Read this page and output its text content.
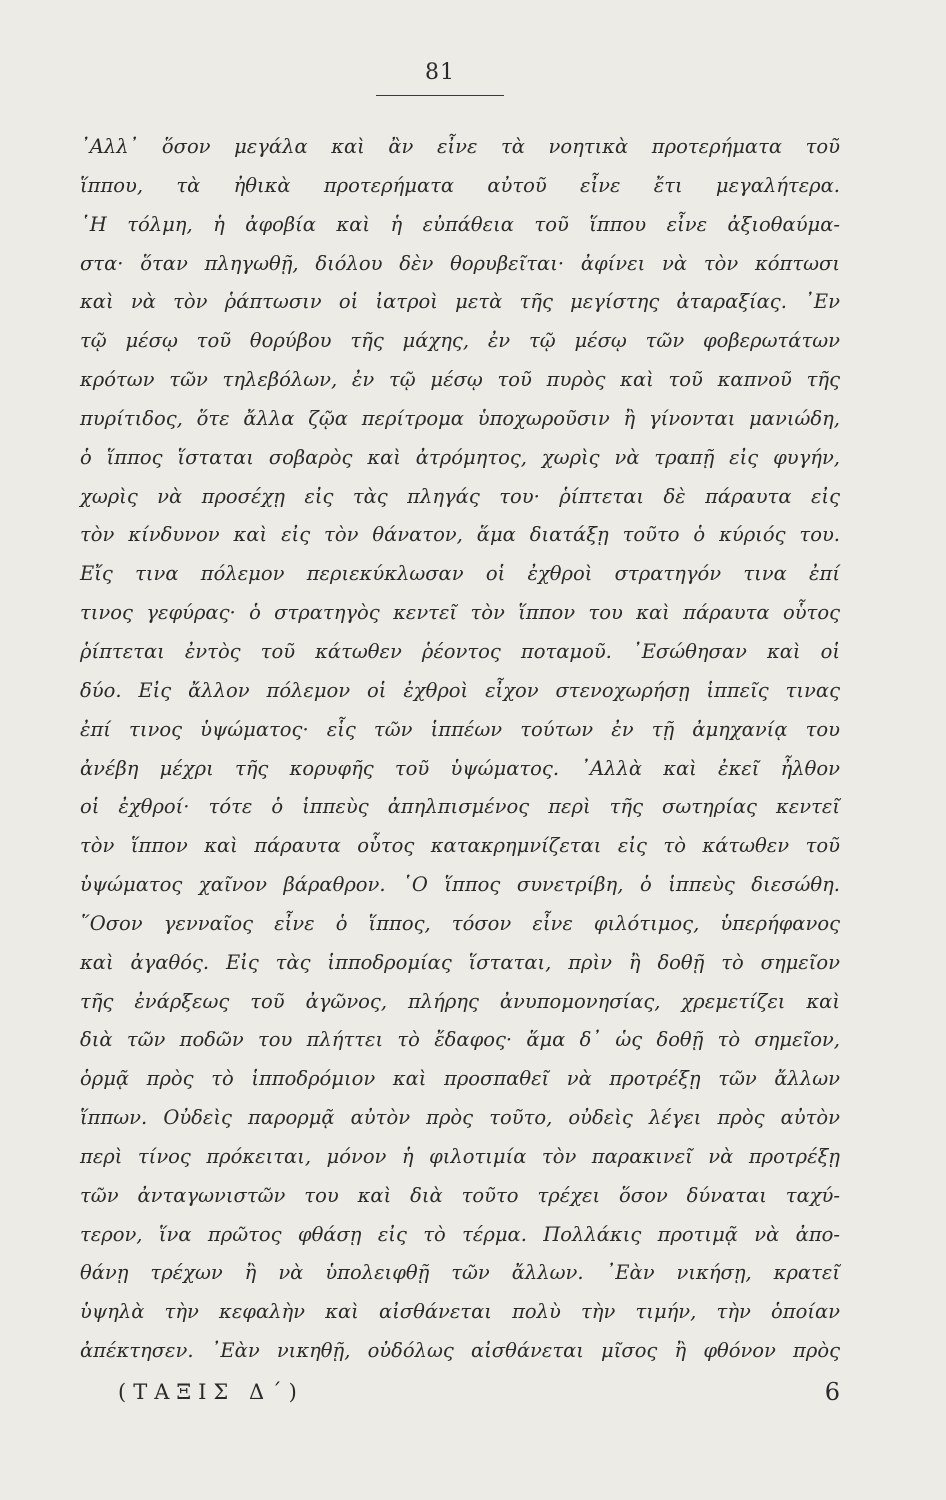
81
᾿Αλλ᾿ ὅσον μεγάλα καὶ ἂν εἶνε τὰ νοητικὰ προτερήματα τοῦ
ἵππου, τὰ ἠθικὰ προτερήματα αὐτοῦ εἶνε ἔτι μεγαλήτερα.
῾Η τόλμη, ἡ ἀφοβία καὶ ἡ εὐπάθεια τοῦ ἵππου εἶνε ἀξιοθαύμα-
στα· ὅταν πληγωθῇ, διόλου δὲν θορυβεῖται· ἀφίνει νὰ τὸν κόπτωσι
καὶ νὰ τὸν ῥάπτωσιν οἱ ἰατροὶ μετὰ τῆς μεγίστης ἀταραξίας. ᾿Εν
τῷ μέσῳ τοῦ θορύβου τῆς μάχης, ἐν τῷ μέσῳ τῶν φοβερωτάτων
κρότων τῶν τηλεβόλων, ἐν τῷ μέσῳ τοῦ πυρὸς καὶ τοῦ καπνοῦ τῆς
πυρίτιδος, ὅτε ἄλλα ζῷα περίτρομα ὑποχωροῦσιν ἢ γίνονται μανιώδη,
ὁ ἵππος ἵσταται σοβαρὸς καὶ ἀτρόμητος, χωρὶς νὰ τραπῇ εἰς φυγήν,
χωρὶς νὰ προσέχῃ εἰς τὰς πληγάς του· ῥίπτεται δὲ πάραυτα εἰς
τὸν κίνδυνον καὶ εἰς τὸν θάνατον, ἅμα διατάξῃ τοῦτο ὁ κύριός του.
Εἴς τινα πόλεμον περιεκύκλωσαν οἱ ἐχθροὶ στρατηγόν τινα ἐπί
τινος γεφύρας· ὁ στρατηγὸς κεντεῖ τὸν ἵππον του καὶ πάραυτα οὗτος
ῥίπτεται ἐντὸς τοῦ κάτωθεν ῥέοντος ποταμοῦ. ᾿Εσώθησαν καὶ οἱ
δύο. Εἰς ἄλλον πόλεμον οἱ ἐχθροὶ εἶχον στενοχωρήσῃ ἱππεῖς τινας
ἐπί τινος ὑψώματος· εἷς τῶν ἱππέων τούτων ἐν τῇ ἀμηχανίᾳ του
ἀνέβη μέχρι τῆς κορυφῆς τοῦ ὑψώματος. ᾿Αλλὰ καὶ ἐκεῖ ἦλθον
οἱ ἐχθροί· τότε ὁ ἱππεὺς ἀπηλπισμένος περὶ τῆς σωτηρίας κεντεῖ
τὸν ἵππον καὶ πάραυτα οὗτος κατακρημνίζεται εἰς τὸ κάτωθεν τοῦ
ὑψώματος χαῖνον βάραθρον. ῾Ο ἵππος συνετρίβη, ὁ ἱππεὺς διεσώθη.
῞Οσον γενναῖος εἶνε ὁ ἵππος, τόσον εἶνε φιλότιμος, ὑπερήφανος
καὶ ἀγαθός. Εἰς τὰς ἱπποδρομίας ἵσταται, πρὶν ἢ δοθῇ τὸ σημεῖον
τῆς ἐνάρξεως τοῦ ἀγῶνος, πλήρης ἀνυπομονησίας, χρεμετίζει καὶ
διὰ τῶν ποδῶν του πλήττει τὸ ἔδαφος· ἅμα δ᾿ ὡς δοθῇ τὸ σημεῖον,
ὁρμᾷ πρὸς τὸ ἱπποδρόμιον καὶ προσπαθεῖ νὰ προτρέξῃ τῶν ἄλλων
ἵππων. Οὐδεὶς παρορμᾷ αὐτὸν πρὸς τοῦτο, οὐδεὶς λέγει πρὸς αὐτὸν
περὶ τίνος πρόκειται, μόνον ἡ φιλοτιμία τὸν παρακινεῖ νὰ προτρέξῃ
τῶν ἀνταγωνιστῶν του καὶ διὰ τοῦτο τρέχει ὅσον δύναται ταχύ-
τερον, ἵνα πρῶτος φθάσῃ εἰς τὸ τέρμα. Πολλάκις προτιμᾷ νὰ ἀπο-
θάνῃ τρέχων ἢ νὰ ὑπολειφθῇ τῶν ἄλλων. ᾿Εὰν νικήσῃ, κρατεῖ
ὑψηλὰ τὴν κεφαλὴν καὶ αἰσθάνεται πολὺ τὴν τιμήν, τὴν ὁποίαν
ἀπέκτησεν. ᾿Εὰν νικηθῇ, οὐδόλως αἰσθάνεται μῖσος ἢ φθόνον πρὸς
(ΤΑΞΙΣ Δ΄)	6
